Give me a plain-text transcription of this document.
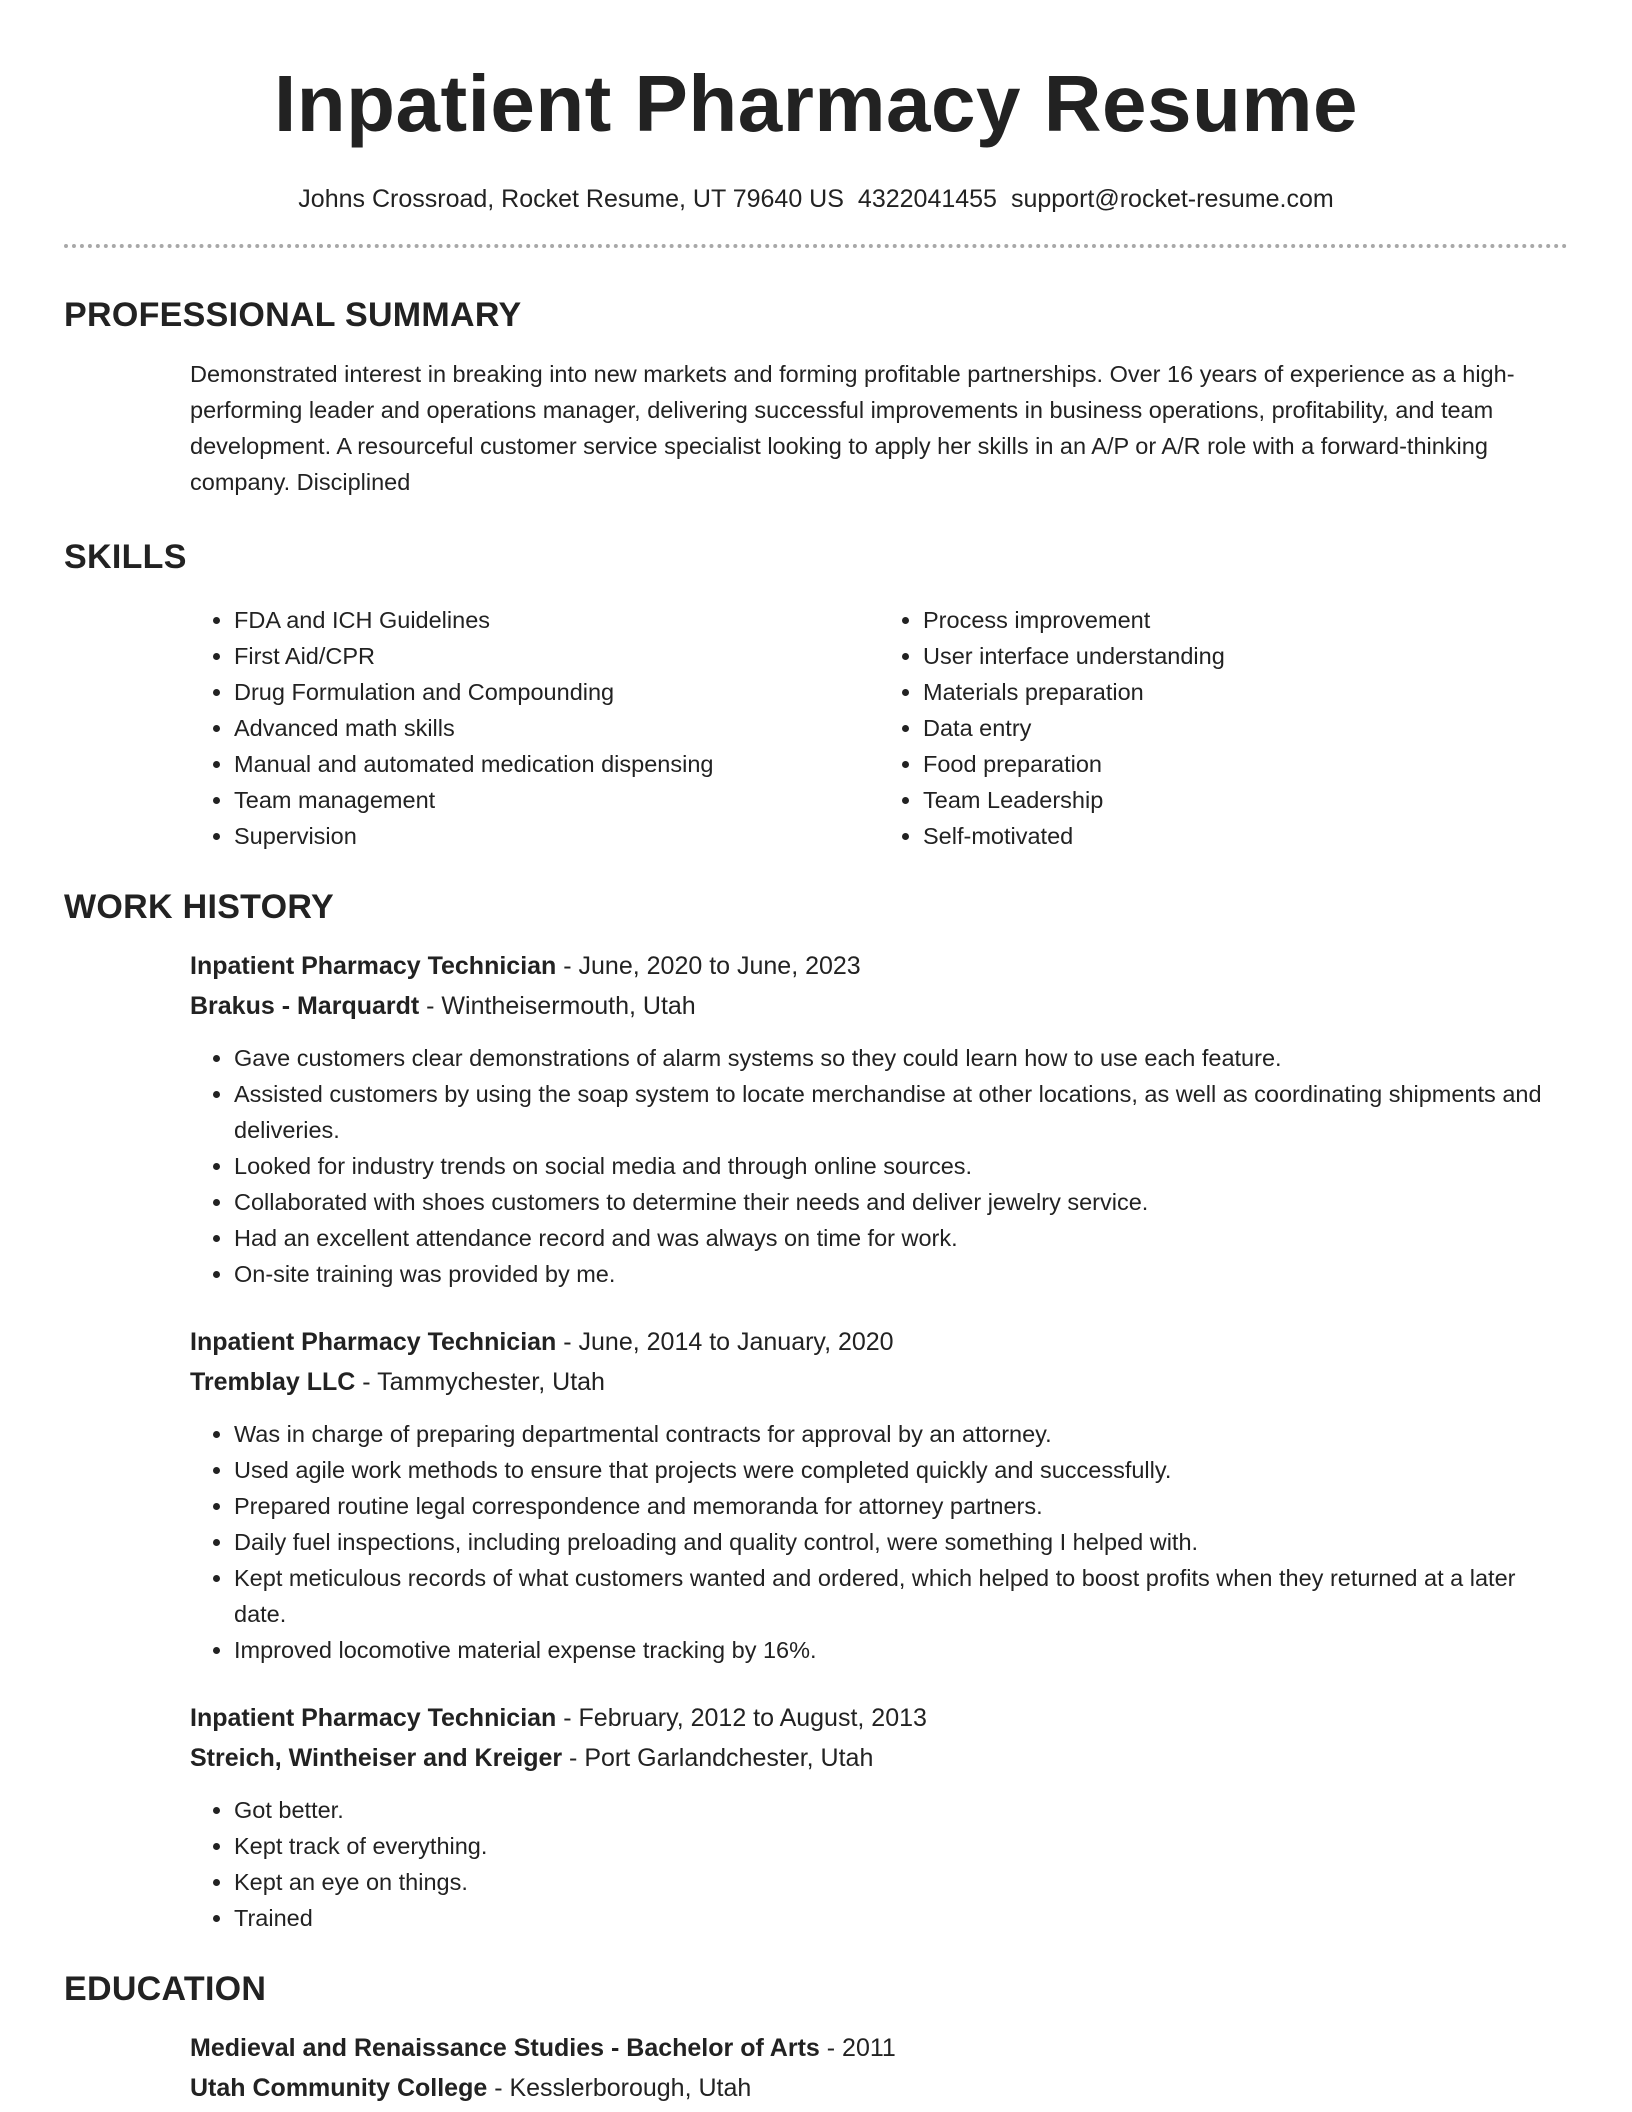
Inpatient Pharmacy Resume
Johns Crossroad, Rocket Resume, UT 79640 US 4322041455 support@rocket-resume.com
PROFESSIONAL SUMMARY

Demonstrated interest in breaking into new markets and forming profitable partnerships. Over 16 years of experience as a high-performing leader and operations manager, delivering successful improvements in business operations, profitability, and team development. A resourceful customer service specialist looking to apply her skills in an A/P or A/R role with a forward-thinking company. Disciplined

SKILLS
• FDA and ICH Guidelines
• First Aid/CPR
• Drug Formulation and Compounding
• Advanced math skills
• Manual and automated medication dispensing
• Team management
• Supervision
• Process improvement
• User interface understanding
• Materials preparation
• Data entry
• Food preparation
• Team Leadership
• Self-motivated
WORK HISTORY
Inpatient Pharmacy Technician - June, 2020 to June, 2023
Brakus - Marquardt - Wintheisermouth, Utah
• Gave customers clear demonstrations of alarm systems so they could learn how to use each feature.
• Assisted customers by using the soap system to locate merchandise at other locations, as well as coordinating shipments and deliveries.
• Looked for industry trends on social media and through online sources.
• Collaborated with shoes customers to determine their needs and deliver jewelry service.
• Had an excellent attendance record and was always on time for work.
• On-site training was provided by me.
Inpatient Pharmacy Technician - June, 2014 to January, 2020
Tremblay LLC - Tammychester, Utah
• Was in charge of preparing departmental contracts for approval by an attorney.
• Used agile work methods to ensure that projects were completed quickly and successfully.
• Prepared routine legal correspondence and memoranda for attorney partners.
• Daily fuel inspections, including preloading and quality control, were something I helped with.
• Kept meticulous records of what customers wanted and ordered, which helped to boost profits when they returned at a later date.
• Improved locomotive material expense tracking by 16%.
Inpatient Pharmacy Technician - February, 2012 to August, 2013
Streich, Wintheiser and Kreiger - Port Garlandchester, Utah
• Got better.
• Kept track of everything.
• Kept an eye on things.
• Trained
EDUCATION
Medieval and Renaissance Studies - Bachelor of Arts - 2011
Utah Community College - Kesslerborough, Utah
